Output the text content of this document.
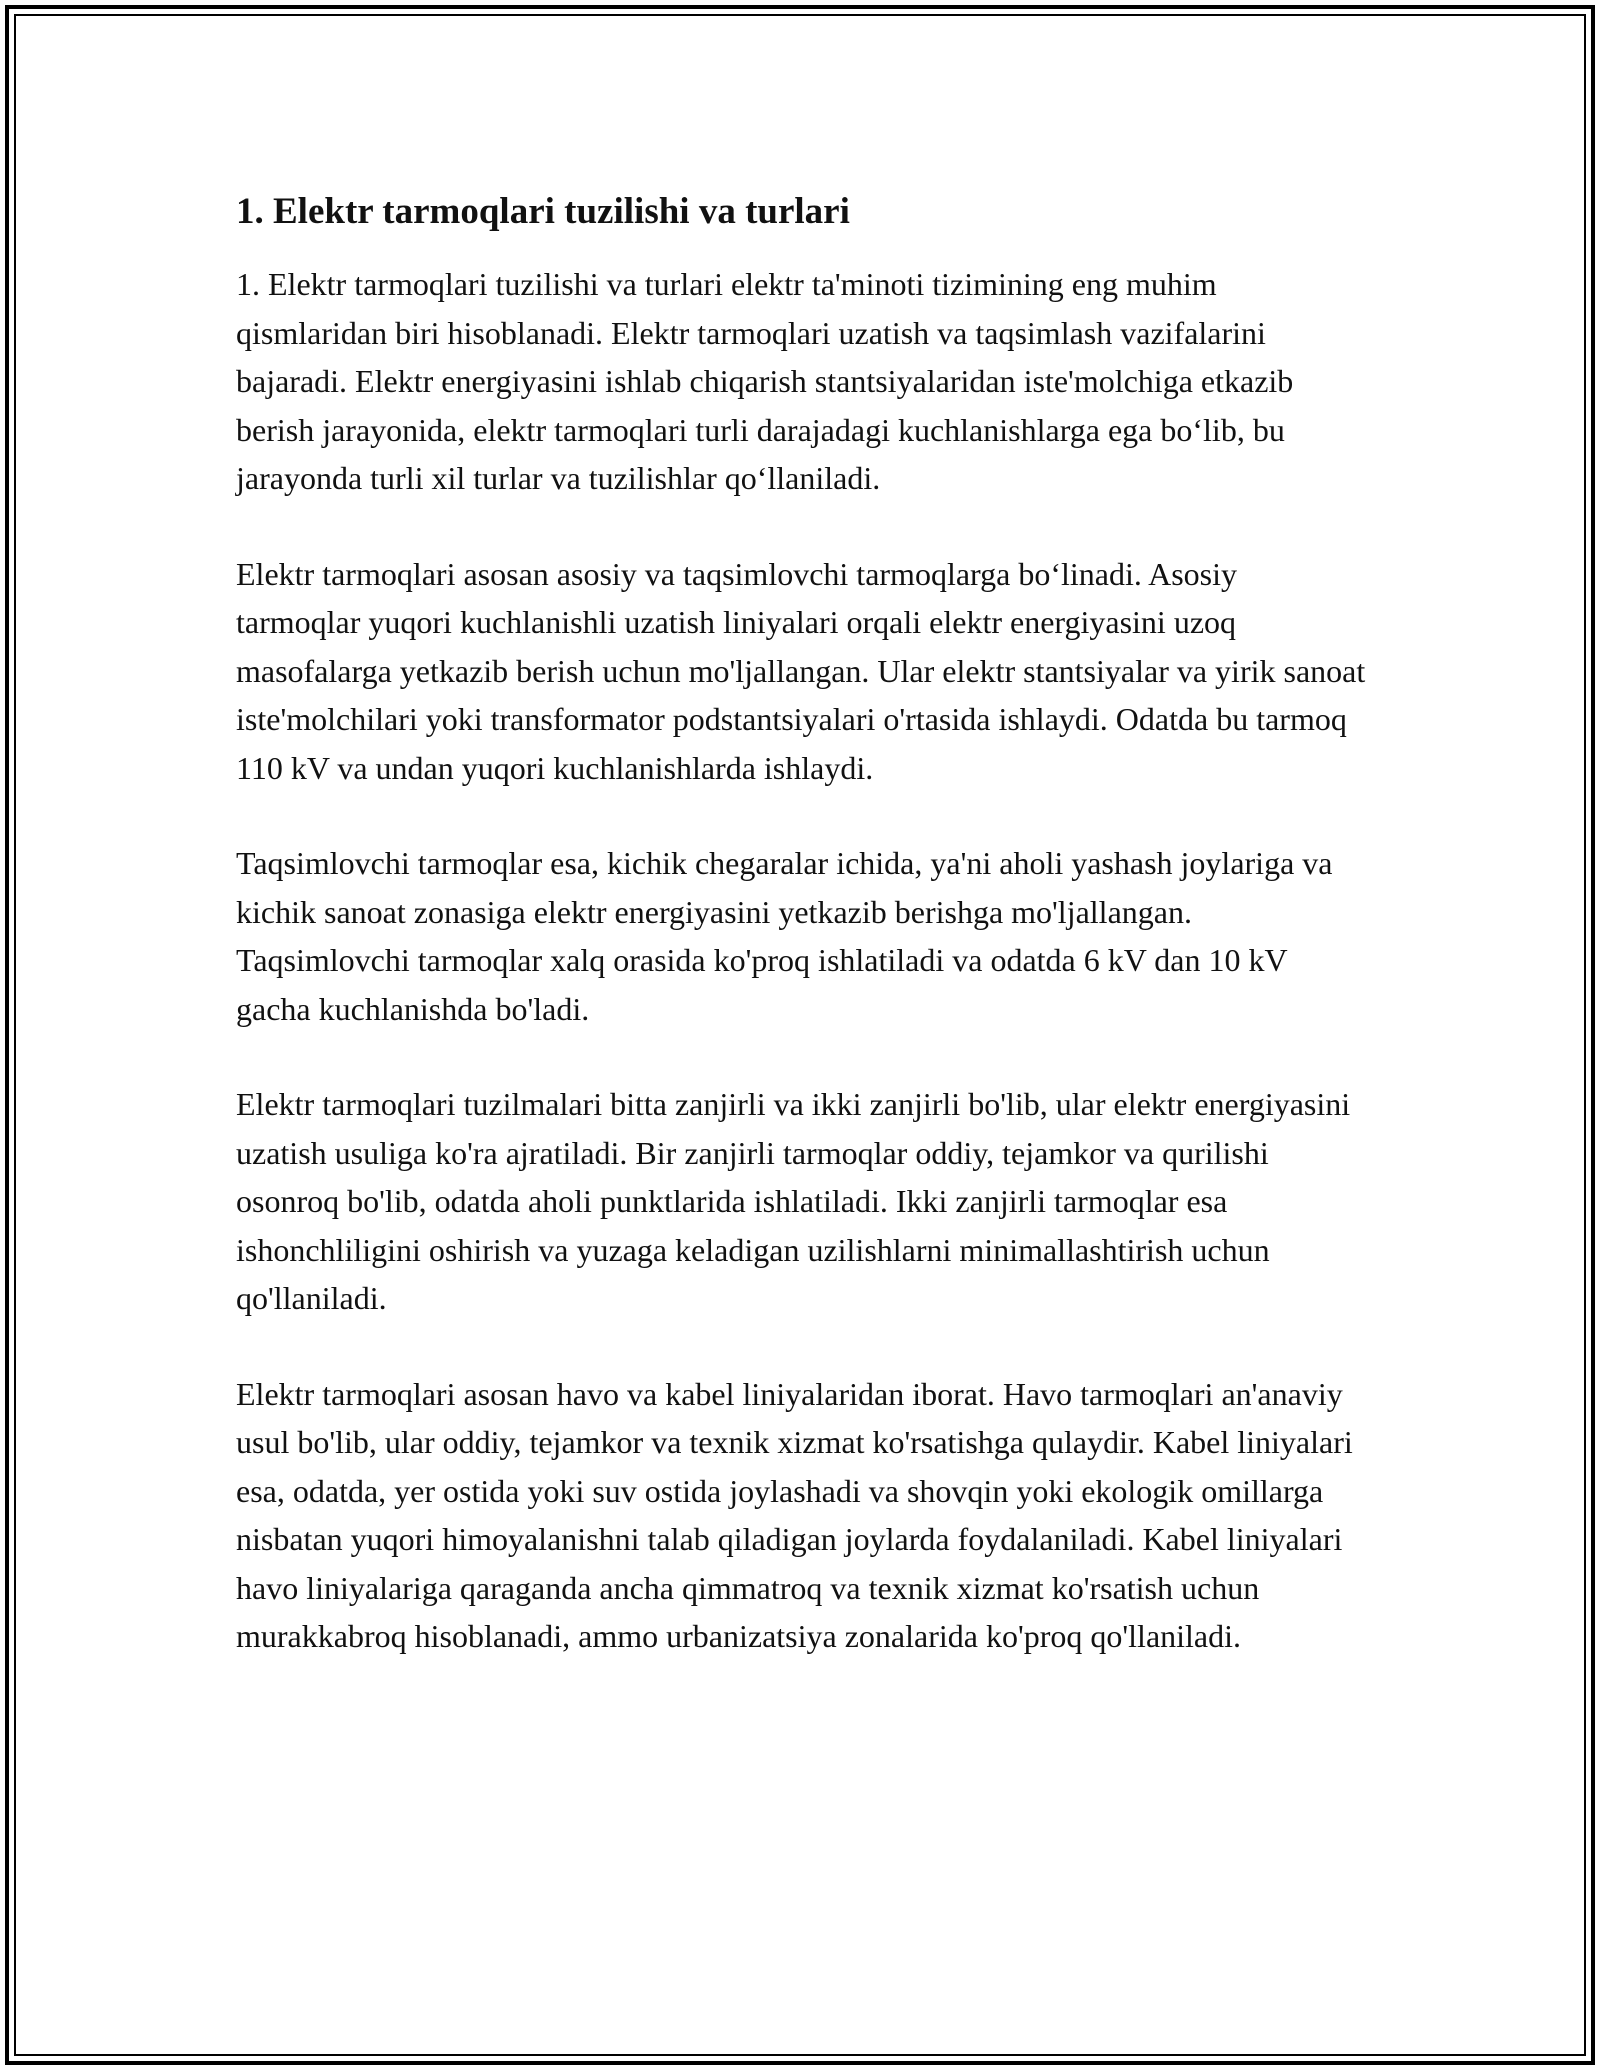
1. Elektr tarmoqlari tuzilishi va turlari

1. Elektr tarmoqlari tuzilishi va turlari elektr ta'minoti tizimining eng muhim qismlaridan biri hisoblanadi. Elektr tarmoqlari uzatish va taqsimlash vazifalarini bajaradi. Elektr energiyasini ishlab chiqarish stantsiyalaridan iste'molchiga etkazib berish jarayonida, elektr tarmoqlari turli darajadagi kuchlanishlarga ega bo‘lib, bu jarayonda turli xil turlar va tuzilishlar qo‘llaniladi.

Elektr tarmoqlari asosan asosiy va taqsimlovchi tarmoqlarga bo‘linadi. Asosiy tarmoqlar yuqori kuchlanishli uzatish liniyalari orqali elektr energiyasini uzoq masofalarga yetkazib berish uchun mo'ljallangan. Ular elektr stantsiyalar va yirik sanoat iste'molchilari yoki transformator podstantsiyalari o'rtasida ishlaydi. Odatda bu tarmoq 110 kV va undan yuqori kuchlanishlarda ishlaydi.

Taqsimlovchi tarmoqlar esa, kichik chegaralar ichida, ya'ni aholi yashash joylariga va kichik sanoat zonasiga elektr energiyasini yetkazib berishga mo'ljallangan. Taqsimlovchi tarmoqlar xalq orasida ko'proq ishlatiladi va odatda 6 kV dan 10 kV gacha kuchlanishda bo'ladi.

Elektr tarmoqlari tuzilmalari bitta zanjirli va ikki zanjirli bo'lib, ular elektr energiyasini uzatish usuliga ko'ra ajratiladi. Bir zanjirli tarmoqlar oddiy, tejamkor va qurilishi osonroq bo'lib, odatda aholi punktlarida ishlatiladi. Ikki zanjirli tarmoqlar esa ishonchliligini oshirish va yuzaga keladigan uzilishlarni minimallashtirish uchun qo'llaniladi.

Elektr tarmoqlari asosan havo va kabel liniyalaridan iborat. Havo tarmoqlari an'anaviy usul bo'lib, ular oddiy, tejamkor va texnik xizmat ko'rsatishga qulaydir. Kabel liniyalari esa, odatda, yer ostida yoki suv ostida joylashadi va shovqin yoki ekologik omillarga nisbatan yuqori himoyalanishni talab qiladigan joylarda foydalaniladi. Kabel liniyalari havo liniyalariga qaraganda ancha qimmatroq va texnik xizmat ko'rsatish uchun murakkabroq hisoblanadi, ammo urbanizatsiya zonalarida ko'proq qo'llaniladi.
